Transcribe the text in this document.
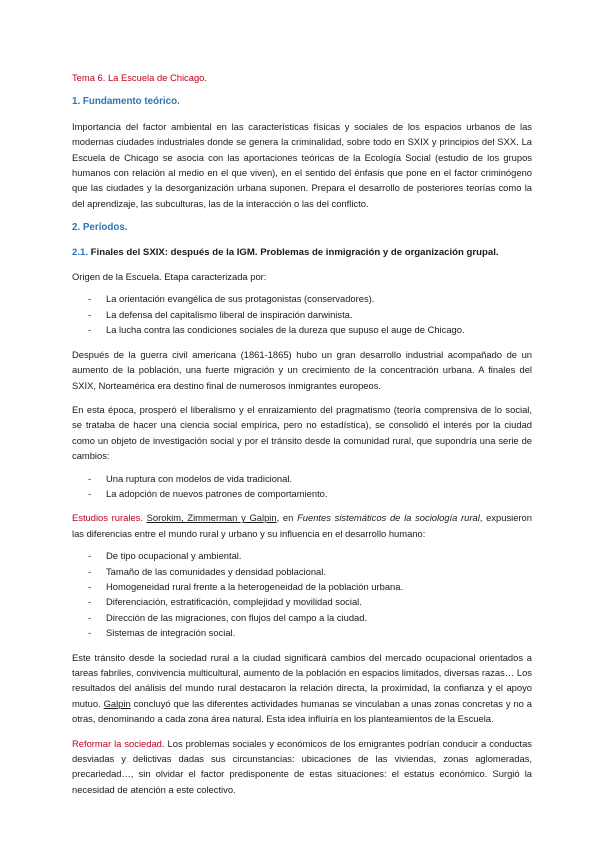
Tema 6. La Escuela de Chicago.

1. Fundamento teórico.

Importancia del factor ambiental en las características físicas y sociales de los espacios urbanos de las modernas ciudades industriales donde se genera la criminalidad, sobre todo en SXIX y principios del SXX. La Escuela de Chicago se asocia con las aportaciones teóricas de la Ecología Social (estudio de los grupos humanos con relación al medio en el que viven), en el sentido del énfasis que pone en el factor criminógeno que las ciudades y la desorganización urbana suponen. Prepara el desarrollo de posteriores teorías como la del aprendizaje, las subculturas, las de la interacción o las del conflicto.

2. Períodos.

2.1. Finales del SXIX: después de la IGM. Problemas de inmigración y de organización grupal.

Origen de la Escuela. Etapa caracterizada por:

- La orientación evangélica de sus protagonistas (conservadores).
- La defensa del capitalismo liberal de inspiración darwinista.
- La lucha contra las condiciones sociales de la dureza que supuso el auge de Chicago.

Después de la guerra civil americana (1861-1865) hubo un gran desarrollo industrial acompañado de un aumento de la población, una fuerte migración y un crecimiento de la concentración urbana. A finales del SXIX, Norteamérica era destino final de numerosos inmigrantes europeos.

En esta época, prosperó el liberalismo y el enraizamiento del pragmatismo (teoría comprensiva de lo social, se trataba de hacer una ciencia social empírica, pero no estadística), se consolidó el interés por la ciudad como un objeto de investigación social y por el tránsito desde la comunidad rural, que supondría una serie de cambios:

- Una ruptura con modelos de vida tradicional.
- La adopción de nuevos patrones de comportamiento.

Estudios rurales. Sorokim, Zimmerman y Galpin, en Fuentes sistemáticos de la sociología rural, expusieron las diferencias entre el mundo rural y urbano y su influencia en el desarrollo humano:

- De tipo ocupacional y ambiental.
- Tamaño de las comunidades y densidad poblacional.
- Homogeneidad rural frente a la heterogeneidad de la población urbana.
- Diferenciación, estratificación, complejidad y movilidad social.
- Dirección de las migraciones, con flujos del campo a la ciudad.
- Sistemas de integración social.

Este tránsito desde la sociedad rural a la ciudad significará cambios del mercado ocupacional orientados a tareas fabriles, convivencia multicultural, aumento de la población en espacios limitados, diversas razas… Los resultados del análisis del mundo rural destacaron la relación directa, la proximidad, la confianza y el apoyo mutuo. Galpin concluyó que las diferentes actividades humanas se vinculaban a unas zonas concretas y no a otras, denominando a cada zona área natural. Esta idea influiría en los planteamientos de la Escuela.

Reformar la sociedad. Los problemas sociales y económicos de los emigrantes podrían conducir a conductas desviadas y delictivas dadas sus circunstancias: ubicaciones de las viviendas, zonas aglomeradas, precariedad…, sin olvidar el factor predisponente de estas situaciones: el estatus económico. Surgió la necesidad de atención a este colectivo.
